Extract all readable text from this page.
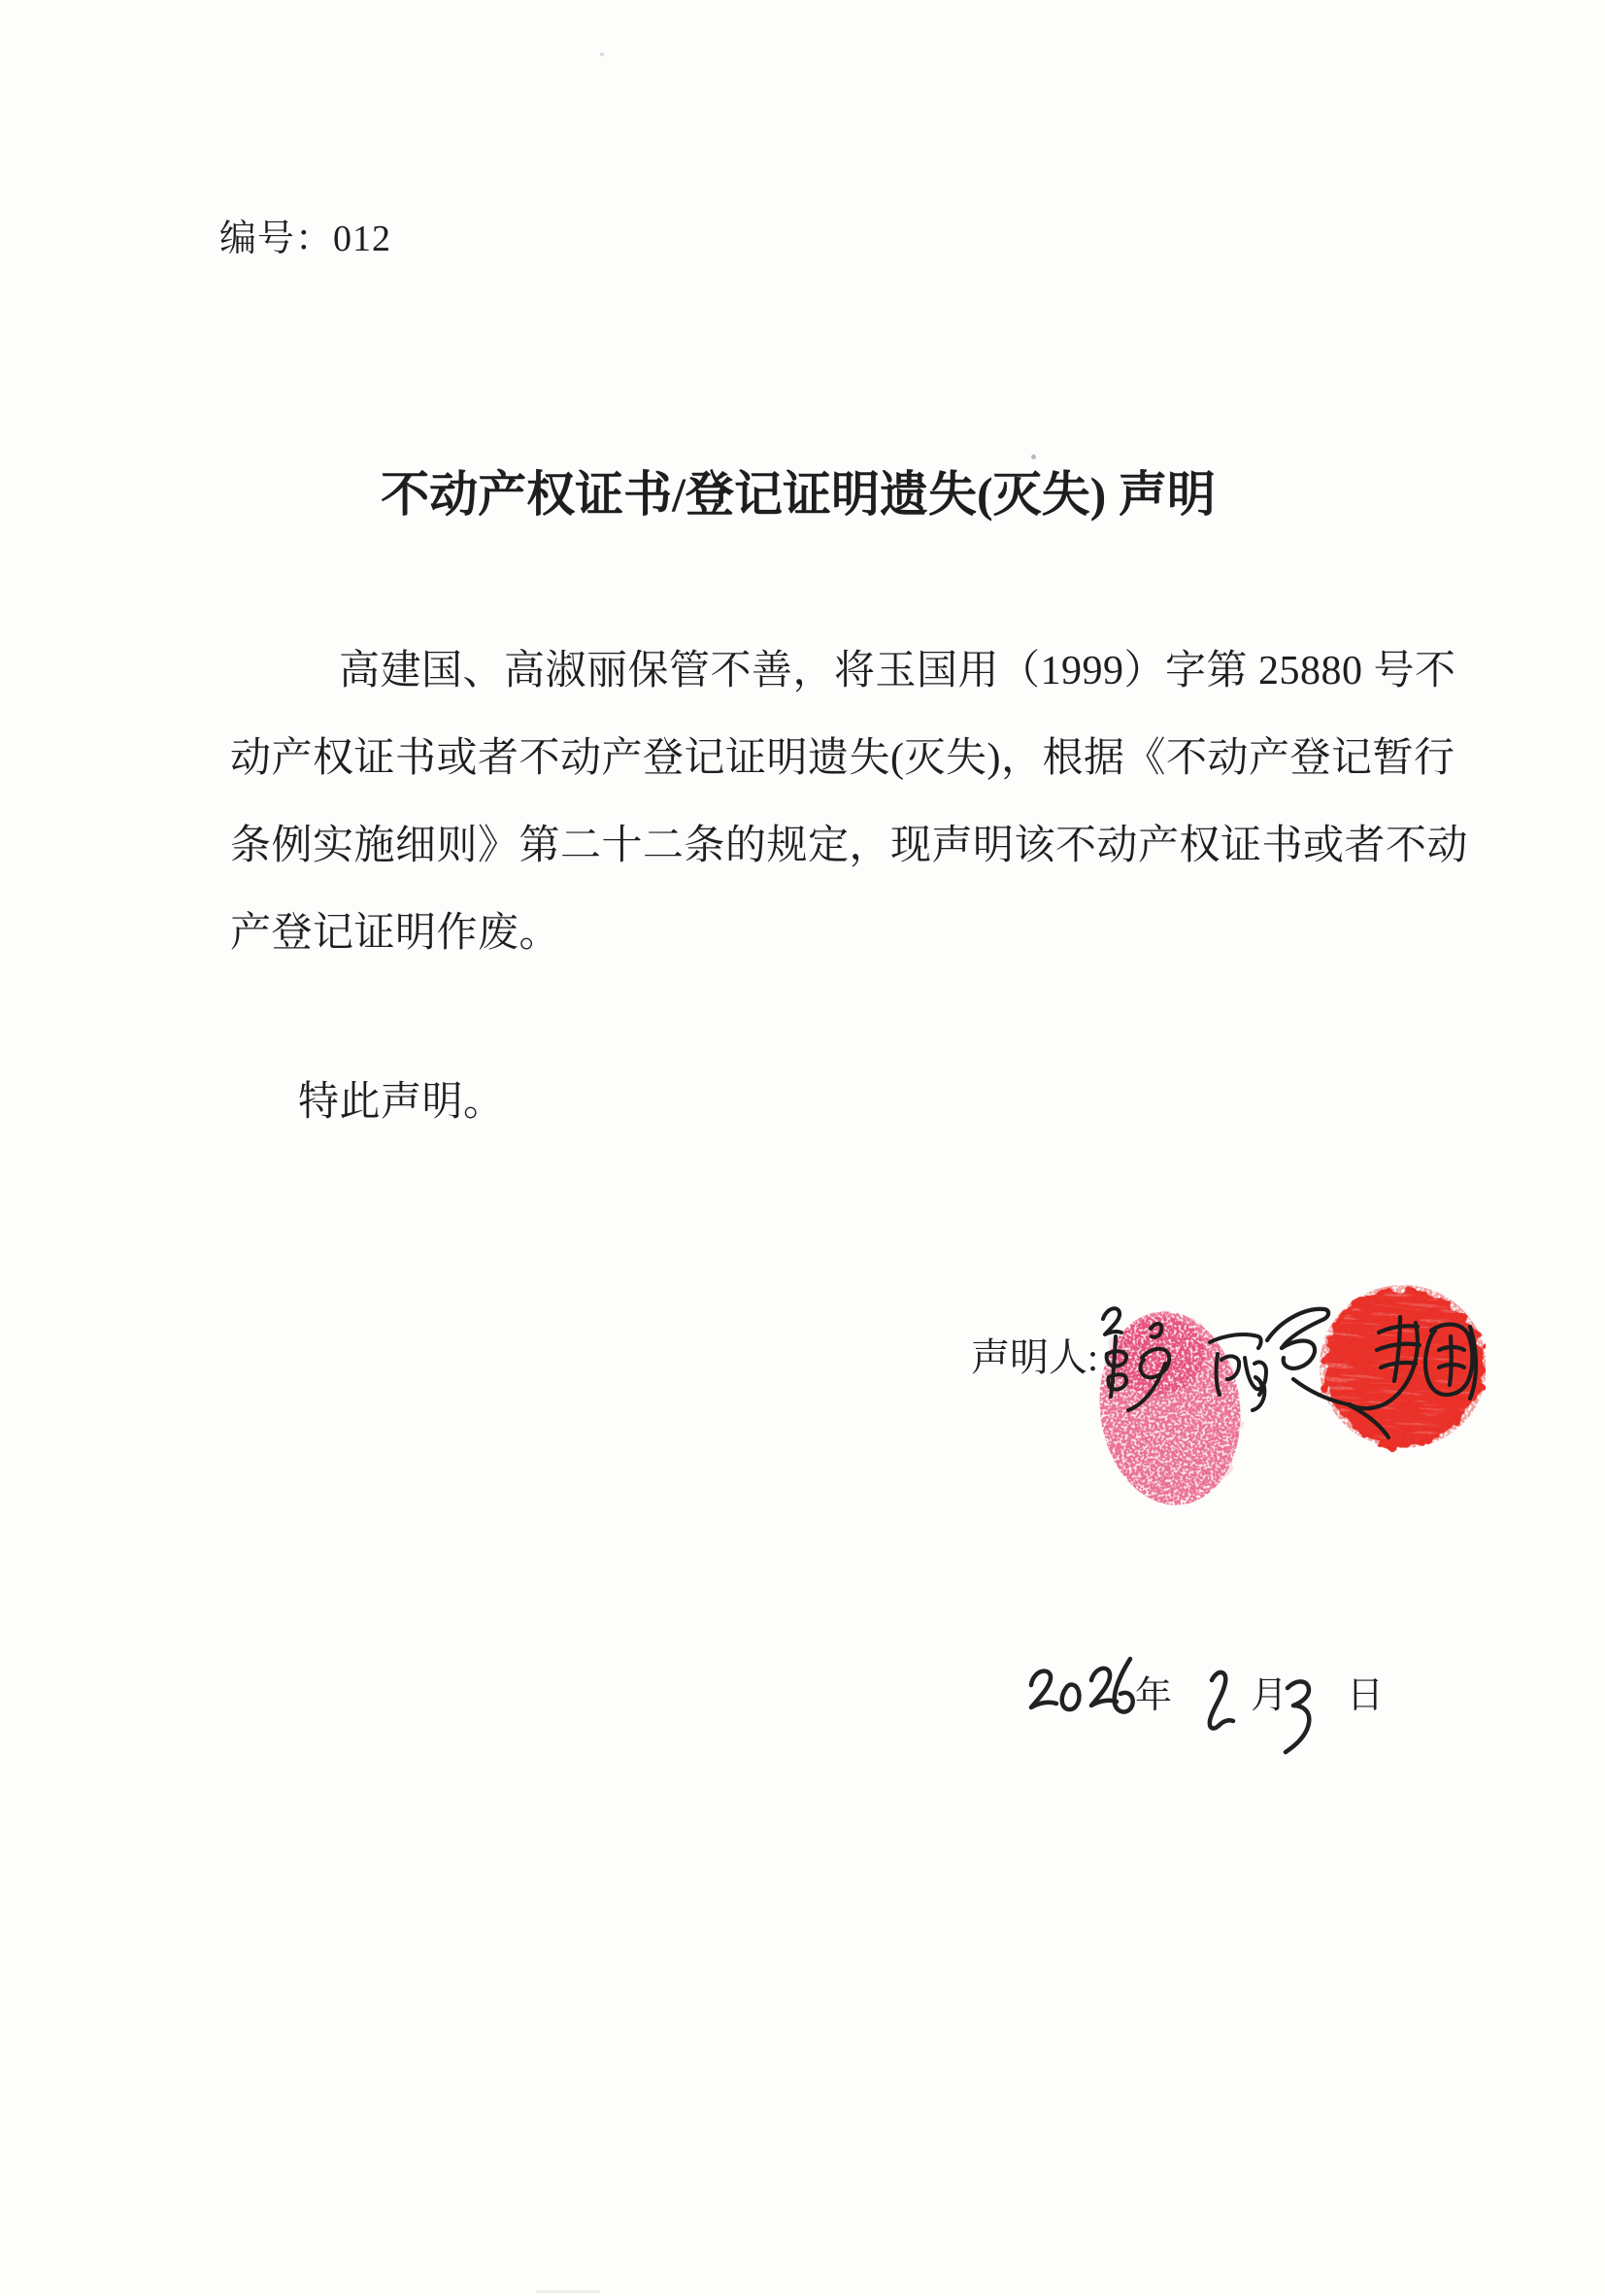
编号：012
不动产权证书/登记证明遗失(灭失) 声明
高建国、高淑丽保管不善，将玉国用（1999）字第 25880 号不
动产权证书或者不动产登记证明遗失(灭失)，根据《不动产登记暂行
条例实施细则》第二十二条的规定，现声明该不动产权证书或者不动
产登记证明作废。
特此声明。
声明人:
年 月 日
